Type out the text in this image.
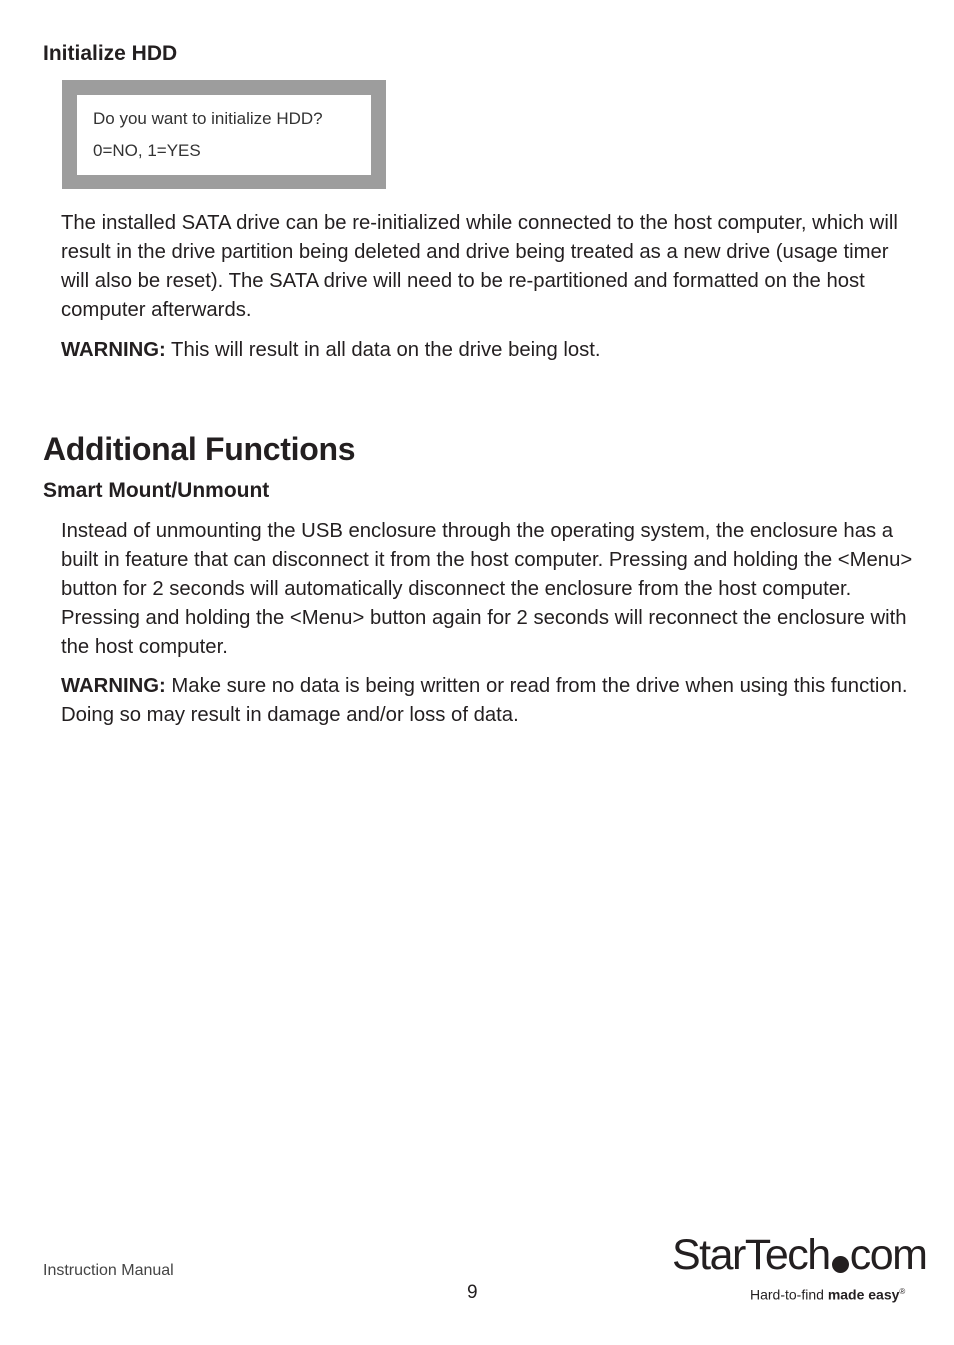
Initialize HDD
Do you want to initialize HDD?
0=NO, 1=YES

The installed SATA drive can be re-initialized while connected to the host computer, which will result in the drive partition being deleted and drive being treated as a new drive (usage timer will also be reset). The SATA drive will need to be re-partitioned and formatted on the host computer afterwards.

WARNING: This will result in all data on the drive being lost.

Additional Functions
Smart Mount/Unmount

Instead of unmounting the USB enclosure through the operating system, the enclosure has a built in feature that can disconnect it from the host computer. Pressing and holding the <Menu> button for 2 seconds will automatically disconnect the enclosure from the host computer. Pressing and holding the <Menu> button again for 2 seconds will reconnect the enclosure with the host computer.

WARNING: Make sure no data is being written or read from the drive when using this function. Doing so may result in damage and/or loss of data.

Instruction Manual
9
StarTech com
Hard-to-find made easy®
